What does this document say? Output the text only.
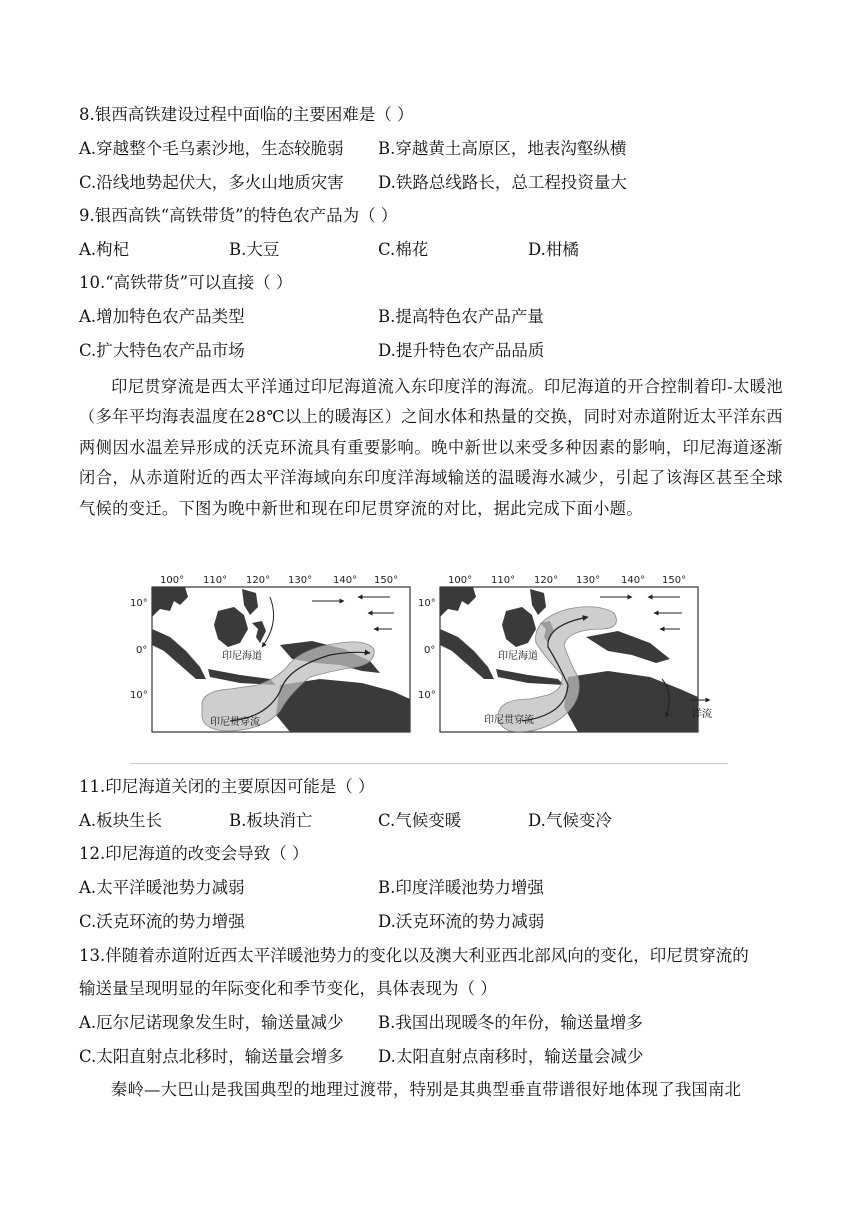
8.银西高铁建设过程中面临的主要困难是（ ）
A.穿越整个毛乌素沙地，生态较脆弱 B.穿越黄土高原区，地表沟壑纵横
C.沿线地势起伏大，多火山地质灾害 D.铁路总线路长，总工程投资量大
9.银西高铁“高铁带货”的特色农产品为（ ）
A.枸杞	B.大豆	C.棉花	D.柑橘
10.“高铁带货”可以直接（ ）
A.增加特色农产品类型	B.提高特色农产品产量
C.扩大特色农产品市场	D.提升特色农产品品质
印尼贯穿流是西太平洋通过印尼海道流入东印度洋的海流。印尼海道的开合控制着印-太暖池（多年平均海表温度在28℃以上的暖海区）之间水体和热量的交换，同时对赤道附近太平洋东西两侧因水温差异形成的沃克环流具有重要影响。晚中新世以来受多种因素的影响，印尼海道逐渐闭合，从赤道附近的西太平洋海域向东印度洋海域输送的温暖海水减少，引起了该海区甚至全球气候的变迁。下图为晚中新世和现在印尼贯穿流的对比，据此完成下面小题。
100° 110° 120° 130° 140° 150°
10°
0°
10°
印尼海道
印尼贯穿流
100° 110° 120° 130° 140° 150°
10°
0°
10°
印尼海道
印尼贯穿流
洋流
11.印尼海道关闭的主要原因可能是（ ）
A.板块生长	B.板块消亡	C.气候变暖	D.气候变冷
12.印尼海道的改变会导致（ ）
A.太平洋暖池势力减弱	B.印度洋暖池势力增强
C.沃克环流的势力增强	D.沃克环流的势力减弱
13.伴随着赤道附近西太平洋暖池势力的变化以及澳大利亚西北部风向的变化，印尼贯穿流的
输送量呈现明显的年际变化和季节变化，具体表现为（ ）
A.厄尔尼诺现象发生时，输送量减少 B.我国出现暖冬的年份，输送量增多
C.太阳直射点北移时，输送量会增多 D.太阳直射点南移时，输送量会减少
秦岭—大巴山是我国典型的地理过渡带，特别是其典型垂直带谱很好地体现了我国南北
